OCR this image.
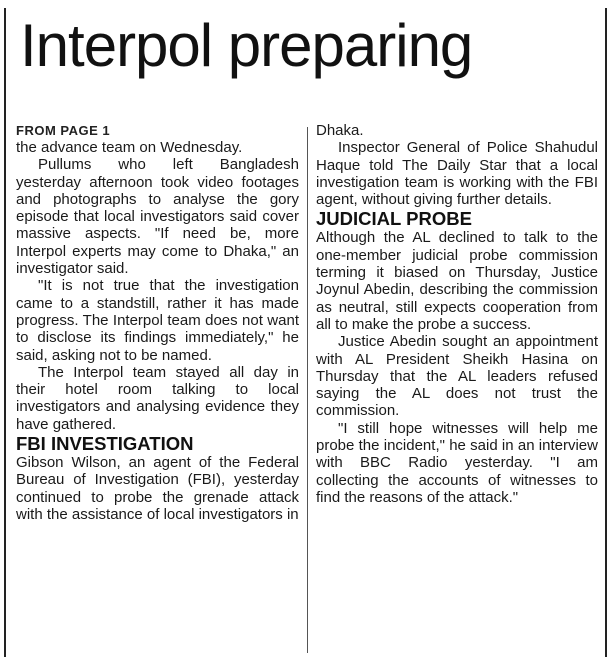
Interpol preparing
FROM PAGE 1

the advance team on Wednesday.

Pullums who left Bangladesh yesterday afternoon took video footages and photographs to analyse the gory episode that local investigators said cover massive aspects. "If need be, more Interpol experts may come to Dhaka," an investigator said.

"It is not true that the investigation came to a standstill, rather it has made progress. The Interpol team does not want to disclose its findings immediately," he said, asking not to be named.

The Interpol team stayed all day in their hotel room talking to local investigators and analysing evidence they have gathered.

FBI INVESTIGATION

Gibson Wilson, an agent of the Federal Bureau of Investigation (FBI), yesterday continued to probe the grenade attack with the assistance of local investigators in

Dhaka.

Inspector General of Police Shahudul Haque told The Daily Star that a local investigation team is working with the FBI agent, without giving further details.

JUDICIAL PROBE

Although the AL declined to talk to the one-member judicial probe commission terming it biased on Thursday, Justice Joynul Abedin, describing the commission as neutral, still expects cooperation from all to make the probe a success.

Justice Abedin sought an appointment with AL President Sheikh Hasina on Thursday that the AL leaders refused saying the AL does not trust the commission.

"I still hope witnesses will help me probe the incident," he said in an interview with BBC Radio yesterday. "I am collecting the accounts of witnesses to find the reasons of the attack."
